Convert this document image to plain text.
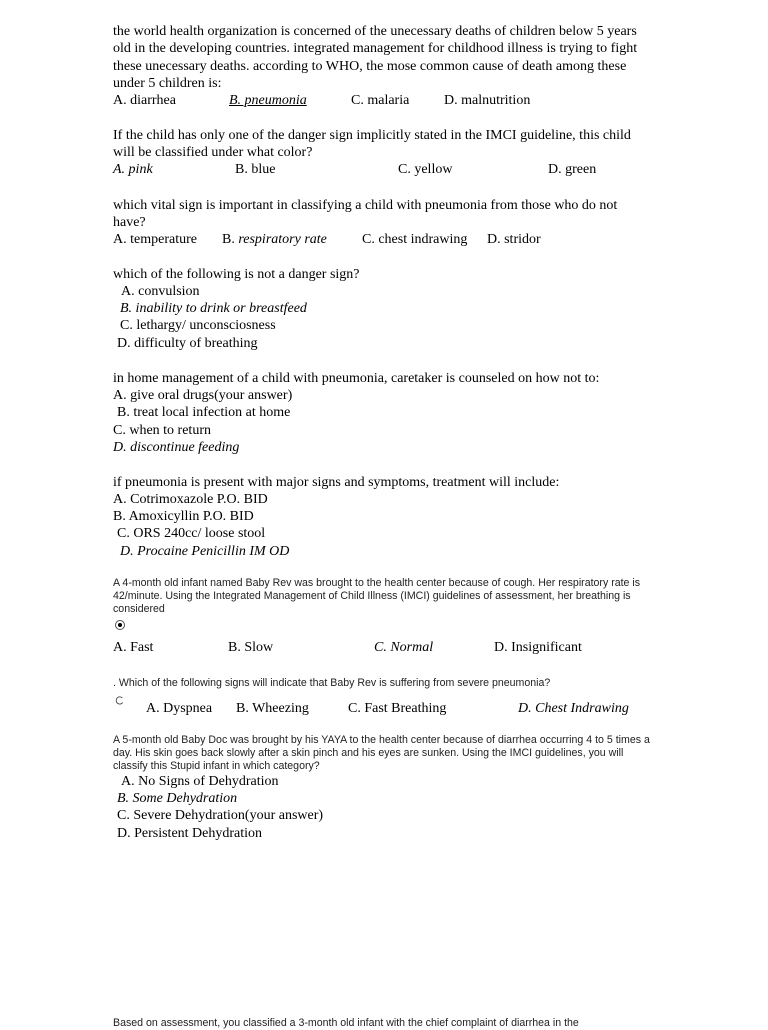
the world health organization is concerned of the unecessary deaths of children below 5 years old in the developing countries. integrated management for childhood illness is trying to fight these unecessary deaths. according to WHO, the mose common cause of death among these under 5 children is:
A. diarrhea	B. pneumonia	C. malaria D. malnutrition
If the child has only one of the danger sign implicitly stated in the IMCI guideline, this child will be classified under what color?
A. pink	B. blue	C. yellow	D. green
which vital sign is important in classifying a child with pneumonia from those who do not have?
A. temperature B. respiratory rate	C. chest indrawing D. stridor
which of the following is not a danger sign?
A. convulsion
B. inability to drink or breastfeed
C. lethargy/ unconsciosness
D. difficulty of breathing
in home management of a child with pneumonia, caretaker is counseled on how not to:
A. give oral drugs(your answer)
B. treat local infection at home
C. when to return
D. discontinue feeding
if pneumonia is present with major signs and symptoms, treatment will include:
A. Cotrimoxazole P.O. BID
B. Amoxicyllin P.O. BID
C. ORS 240cc/ loose stool
D. Procaine Penicillin IM OD
A 4-month old infant named Baby Rev was brought to the health center because of cough. Her respiratory rate is 42/minute. Using the Integrated Management of Child Illness (IMCI) guidelines of assessment, her breathing is considered
A. Fast	B. Slow	C. Normal	D. Insignificant
. Which of the following signs will indicate that Baby Rev is suffering from severe pneumonia?
A. Dyspnea B. Wheezing	C. Fast Breathing	D. Chest Indrawing
A 5-month old Baby Doc was brought by his YAYA to the health center because of diarrhea occurring 4 to 5 times a day. His skin goes back slowly after a skin pinch and his eyes are sunken. Using the IMCI guidelines, you will classify this Stupid infant in which category?
A. No Signs of Dehydration
B. Some Dehydration
C. Severe Dehydration(your answer)
D. Persistent Dehydration
Based on assessment, you classified a 3-month old infant with the chief complaint of diarrhea in the
